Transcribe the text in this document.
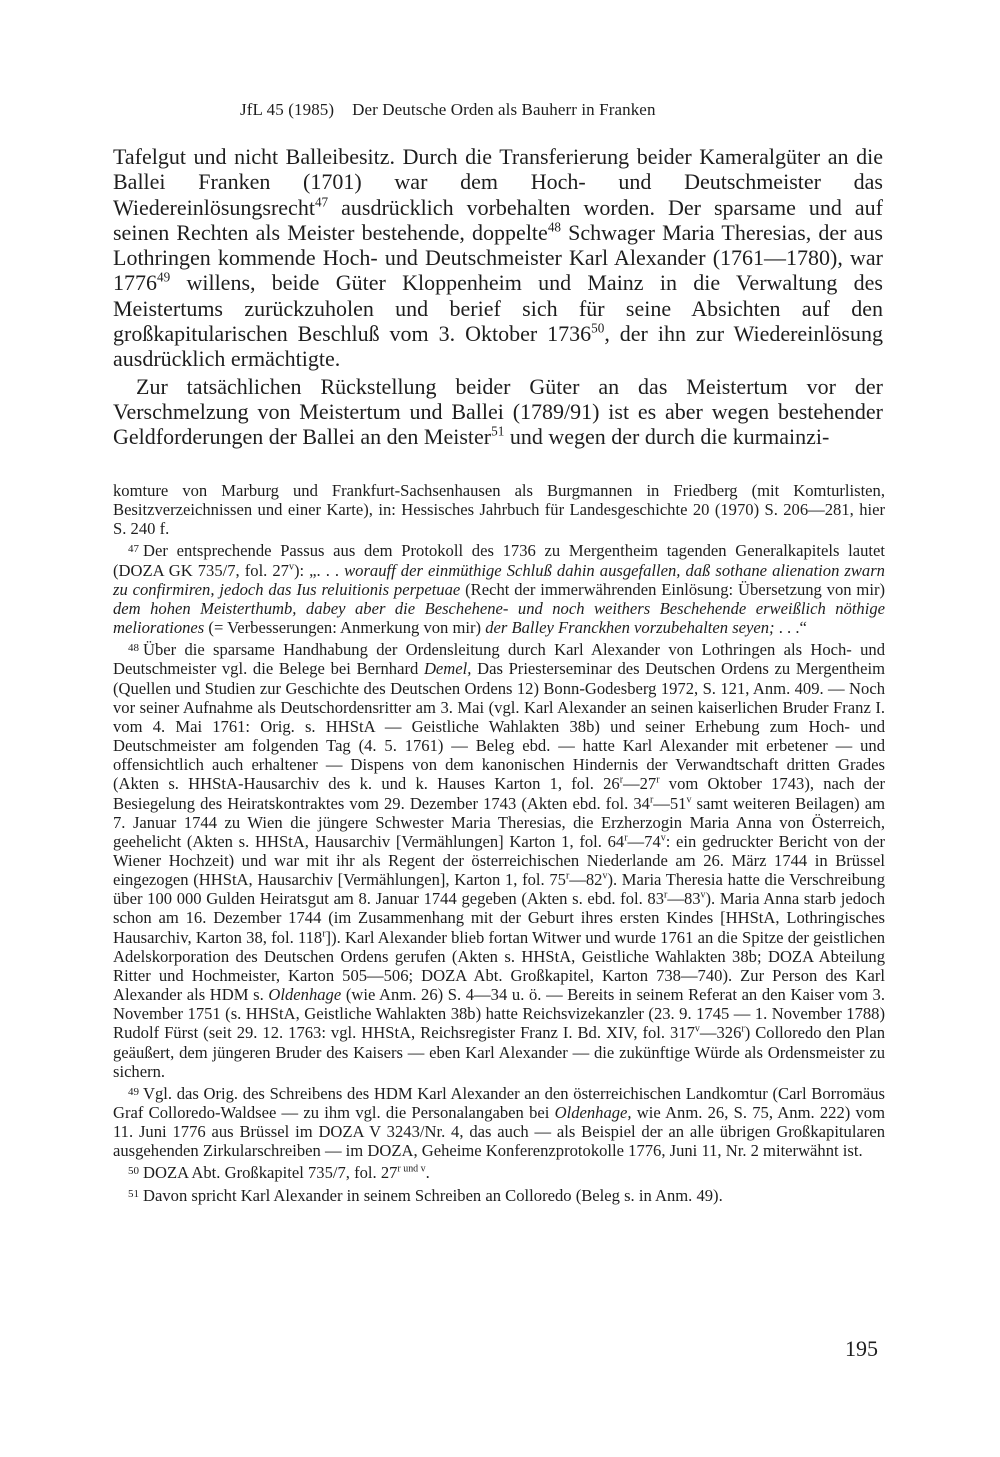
JfL 45 (1985) Der Deutsche Orden als Bauherr in Franken

Tafelgut und nicht Balleibesitz. Durch die Transferierung beider Kameralgüter an die Ballei Franken (1701) war dem Hoch- und Deutschmeister das Wiedereinlösungsrecht$^{47}$ ausdrücklich vorbehalten worden. Der sparsame und auf seinen Rechten als Meister bestehende, doppelte$^{48}$ Schwager Maria Theresias, der aus Lothringen kommende Hoch- und Deutschmeister Karl Alexander (1761—1780), war 1776$^{49}$ willens, beide Güter Kloppenheim und Mainz in die Verwaltung des Meistertums zurückzuholen und berief sich für seine Absichten auf den großkapitularischen Beschluß vom 3. Oktober 1736$^{50}$, der ihn zur Wiedereinlösung ausdrücklich ermächtigte.

Zur tatsächlichen Rückstellung beider Güter an das Meistertum vor der Verschmelzung von Meistertum und Ballei (1789/91) ist es aber wegen bestehender Geldforderungen der Ballei an den Meister$^{51}$ und wegen der durch die kurmainzi-

komture von Marburg und Frankfurt-Sachsenhausen als Burgmannen in Friedberg (mit Komturlisten, Besitzverzeichnissen und einer Karte), in: Hessisches Jahrbuch für Landesgeschichte 20 (1970) S. 206—281, hier S. 240 f.

$^{47}$ Der entsprechende Passus aus dem Protokoll des 1736 zu Mergentheim tagenden Generalkapitels lautet (DOZA GK 735/7, fol. 27$^v$): „. . . worauff der einmüthige Schluß dahin ausgefallen, daß sothane alienation zwarn zu confirmiren, jedoch das Ius reluitionis perpetuae (Recht der immerwährenden Einlösung: Übersetzung von mir) dem hohen Meisterthumb, dabey aber die Beschehene- und noch weithers Beschehende erweißlich nöthige meliorationes (= Verbesserungen: Anmerkung von mir) der Balley Franckhen vorzubehalten seyen; . . .“

$^{48}$ Über die sparsame Handhabung der Ordensleitung durch Karl Alexander von Lothringen als Hoch- und Deutschmeister vgl. die Belege bei Bernhard Demel, Das Priesterseminar des Deutschen Ordens zu Mergentheim (Quellen und Studien zur Geschichte des Deutschen Ordens 12) Bonn-Godesberg 1972, S. 121, Anm. 409. — Noch vor seiner Aufnahme als Deutschordensritter am 3. Mai (vgl. Karl Alexander an seinen kaiserlichen Bruder Franz I. vom 4. Mai 1761: Orig. s. HHStA — Geistliche Wahlakten 38b) und seiner Erhebung zum Hoch- und Deutschmeister am folgenden Tag (4. 5. 1761) — Beleg ebd. — hatte Karl Alexander mit erbetener — und offensichtlich auch erhaltener — Dispens von dem kanonischen Hindernis der Verwandtschaft dritten Grades (Akten s. HHStA-Hausarchiv des k. und k. Hauses Karton 1, fol. 26$^r$—27$^r$ vom Oktober 1743), nach der Besiegelung des Heiratskontraktes vom 29. Dezember 1743 (Akten ebd. fol. 34$^r$—51$^v$ samt weiteren Beilagen) am 7. Januar 1744 zu Wien die jüngere Schwester Maria Theresias, die Erzherzogin Maria Anna von Österreich, geehelicht (Akten s. HHStA, Hausarchiv [Vermählungen] Karton 1, fol. 64$^r$—74$^v$: ein gedruckter Bericht von der Wiener Hochzeit) und war mit ihr als Regent der österreichischen Niederlande am 26. März 1744 in Brüssel eingezogen (HHStA, Hausarchiv [Vermählungen], Karton 1, fol. 75$^r$—82$^v$). Maria Theresia hatte die Verschreibung über 100 000 Gulden Heiratsgut am 8. Januar 1744 gegeben (Akten s. ebd. fol. 83$^r$—83$^v$). Maria Anna starb jedoch schon am 16. Dezember 1744 (im Zusammenhang mit der Geburt ihres ersten Kindes [HHStA, Lothringisches Hausarchiv, Karton 38, fol. 118$^r$]). Karl Alexander blieb fortan Witwer und wurde 1761 an die Spitze der geistlichen Adelskorporation des Deutschen Ordens gerufen (Akten s. HHStA, Geistliche Wahlakten 38b; DOZA Abteilung Ritter und Hochmeister, Karton 505—506; DOZA Abt. Großkapitel, Karton 738—740). Zur Person des Karl Alexander als HDM s. Oldenhage (wie Anm. 26) S. 4—34 u. ö. — Bereits in seinem Referat an den Kaiser vom 3. November 1751 (s. HHStA, Geistliche Wahlakten 38b) hatte Reichsvizekanzler (23. 9. 1745 — 1. November 1788) Rudolf Fürst (seit 29. 12. 1763: vgl. HHStA, Reichsregister Franz I. Bd. XIV, fol. 317$^v$—326$^r$) Colloredo den Plan geäußert, dem jüngeren Bruder des Kaisers — eben Karl Alexander — die zukünftige Würde als Ordensmeister zu sichern.

$^{49}$ Vgl. das Orig. des Schreibens des HDM Karl Alexander an den österreichischen Landkomtur (Carl Borromäus Graf Colloredo-Waldsee — zu ihm vgl. die Personalangaben bei Oldenhage, wie Anm. 26, S. 75, Anm. 222) vom 11. Juni 1776 aus Brüssel im DOZA V 3243/Nr. 4, das auch — als Beispiel der an alle übrigen Großkapitularen ausgehenden Zirkularschreiben — im DOZA, Geheime Konferenzprotokolle 1776, Juni 11, Nr. 2 miterwähnt ist.

$^{50}$ DOZA Abt. Großkapitel 735/7, fol. $27^{r und v}$.

$^{51}$ Davon spricht Karl Alexander in seinem Schreiben an Colloredo (Beleg s. in Anm. 49).

195
